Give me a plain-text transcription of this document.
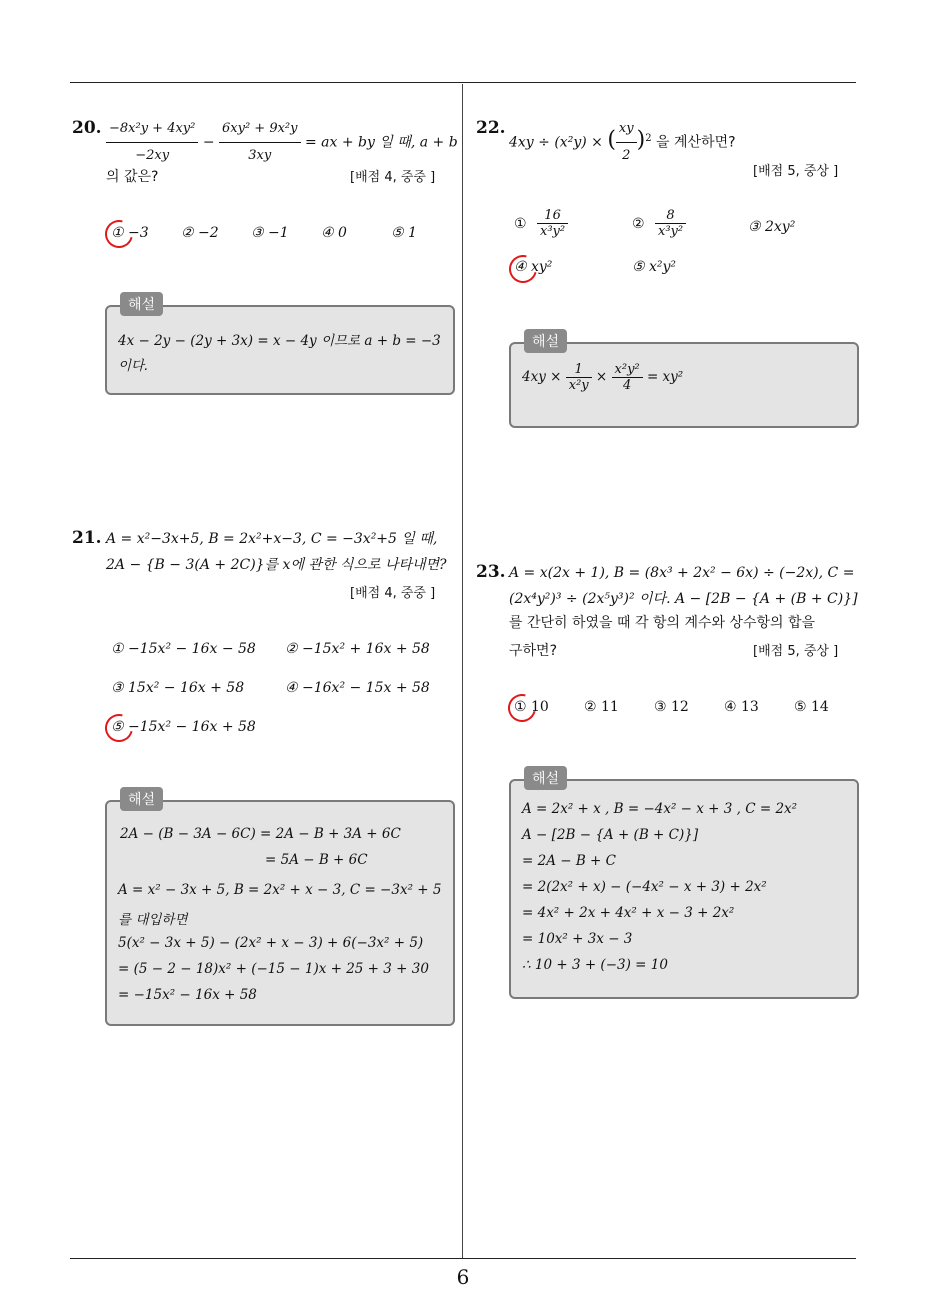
20. $\frac{\text{−8x²y + 4xy²}}{-2xy} - \frac{\text{6xy² + 9x²y}}{3xy}$ = ax + by 일 때, a + b
의 값은?	[배점 4, 중중 ]
① −3 ② −2 ③ −1 ④ 0	⑤ 1
해설
4x − 2y − (2y + 3x) = x − 4y 이므로 a + b = −3
이다.
21. A = x²−3x+5, B = 2x²+x−3, C = −3x²+5 일 때,
2A − {B − 3(A + 2C)}를 x에 관한 식으로 나타내면?
[배점 4, 중중 ]
① −15x² − 16x − 58 ② −15x² + 16x + 58
③ 15x² − 16x + 58	④ −16x² − 15x + 58
⑤ −15x² − 16x + 58
해설
2A − (B − 3A − 6C) = 2A − B + 3A + 6C
= 5A − B + 6C
A = x² − 3x + 5, B = 2x² + x − 3, C = −3x² + 5
를 대입하면
5(x² − 3x + 5) − (2x² + x − 3) + 6(−3x² + 5)
= (5 − 2 − 18)x² + (−15 − 1)x + 25 + 3 + 30
= −15x² − 16x + 58
22.
4xy ÷ (x²y) × ( $\frac{xy}{2} )^2$ 을 계산하면?
[배점 5, 중상 ]
① $\frac{16}{\text{x³y²}}$	② $\frac{8}{\text{x³y²}}$	③ 2xy²
④ xy²	⑤ x²y²
해설
$4xy \times \frac{1}{\text{x²y}} \times \frac{\text{x²y²}}{4} = xy^2$
23. A = x(2x + 1), B = (8x³ + 2x² − 6x) ÷ (−2x), C =
(2x⁴y²)³ ÷ (2x⁵y³)² 이다. A − [2B − {A + (B + C)}]
를 간단히 하였을 때 각 항의 계수와 상수항의 합을
구하면?	[배점 5, 중상 ]
① 10	② 11	③ 12	④ 13	⑤ 14
해설
A = 2x² + x , B = −4x² − x + 3 , C = 2x²
A − [2B − {A + (B + C)}]
= 2A − B + C
= 2(2x² + x) − (−4x² − x + 3) + 2x²
= 4x² + 2x + 4x² + x − 3 + 2x²
= 10x² + 3x − 3
∴ 10 + 3 + (−3) = 10
6
